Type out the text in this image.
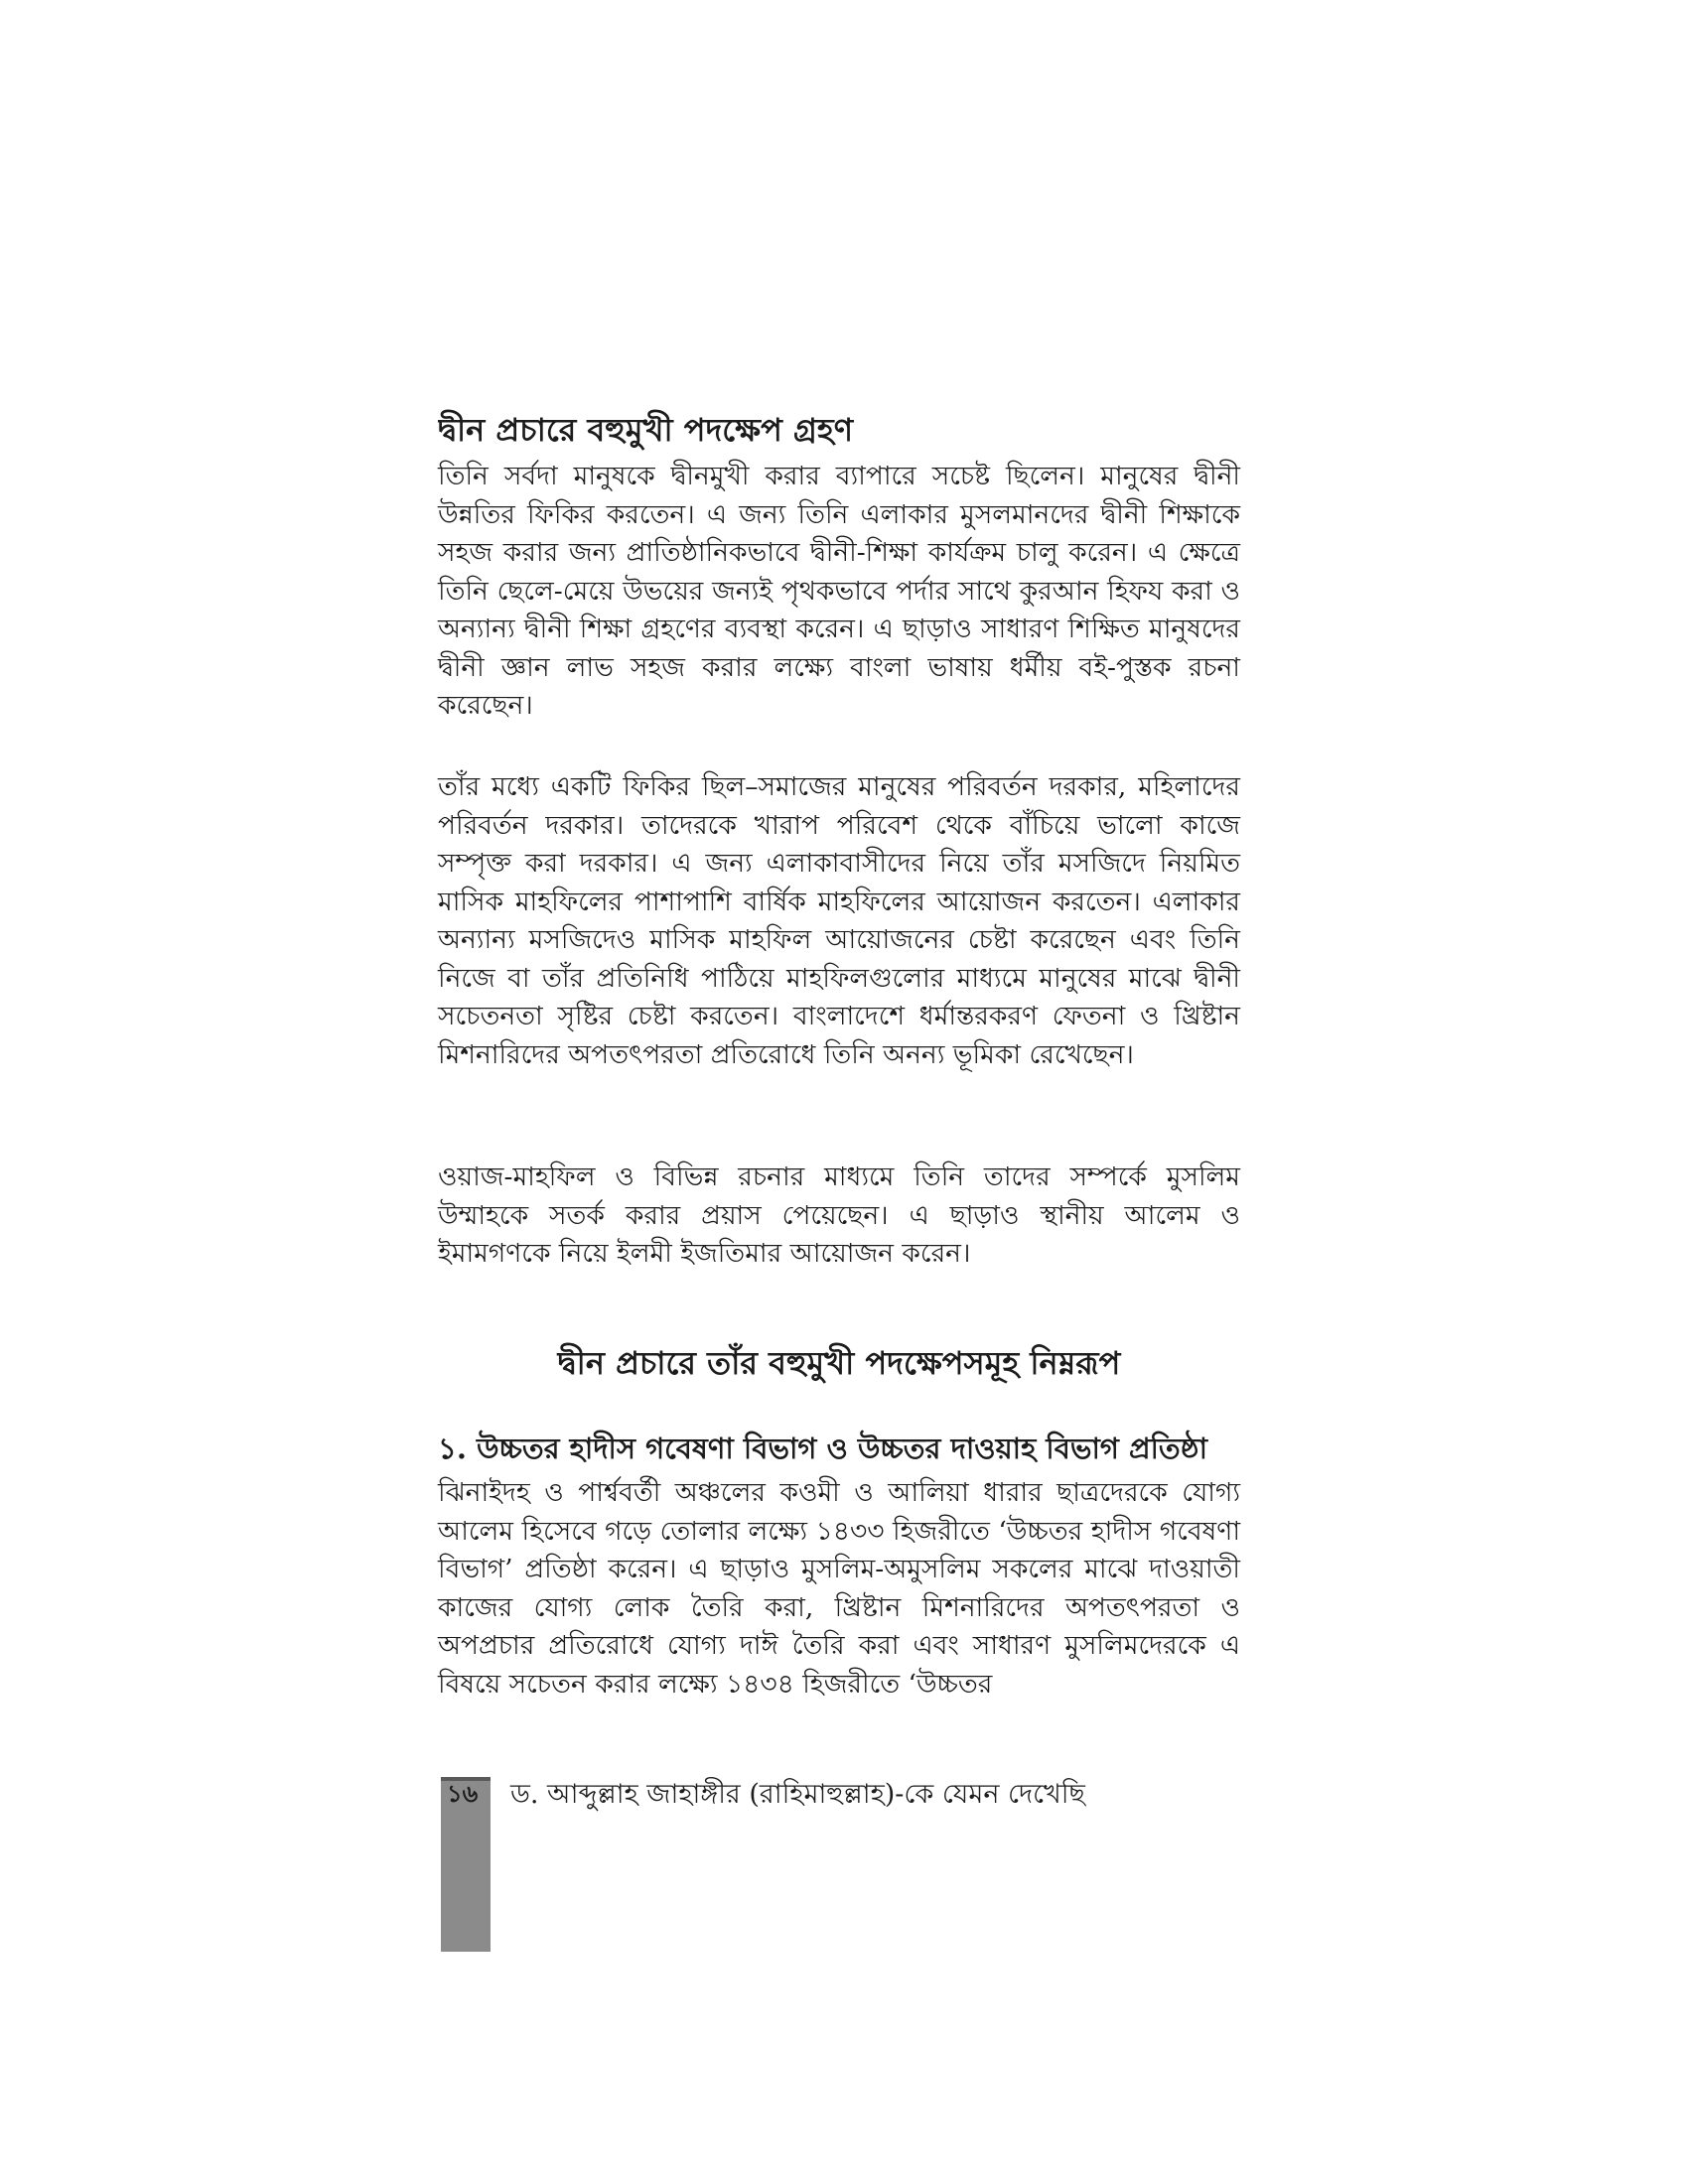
দ্বীন প্রচারে বহুমুখী পদক্ষেপ গ্রহণ

তিনি সর্বদা মানুষকে দ্বীনমুখী করার ব্যাপারে সচেষ্ট ছিলেন। মানুষের দ্বীনী উন্নতির ফিকির করতেন। এ জন্য তিনি এলাকার মুসলমানদের দ্বীনী শিক্ষাকে সহজ করার জন্য প্রাতিষ্ঠানিকভাবে দ্বীনী-শিক্ষা কার্যক্রম চালু করেন। এ ক্ষেত্রে তিনি ছেলে-মেয়ে উভয়ের জন্যই পৃথকভাবে পর্দার সাথে কুরআন হিফয করা ও অন্যান্য দ্বীনী শিক্ষা গ্রহণের ব্যবস্থা করেন। এ ছাড়াও সাধারণ শিক্ষিত মানুষদের দ্বীনী জ্ঞান লাভ সহজ করার লক্ষ্যে বাংলা ভাষায় ধর্মীয় বই-পুস্তক রচনা করেছেন।

তাঁর মধ্যে একটি ফিকির ছিল–সমাজের মানুষের পরিবর্তন দরকার, মহিলাদের পরিবর্তন দরকার। তাদেরকে খারাপ পরিবেশ থেকে বাঁচিয়ে ভালো কাজে সম্পৃক্ত করা দরকার। এ জন্য এলাকাবাসীদের নিয়ে তাঁর মসজিদে নিয়মিত মাসিক মাহফিলের পাশাপাশি বার্ষিক মাহফিলের আয়োজন করতেন। এলাকার অন্যান্য মসজিদেও মাসিক মাহফিল আয়োজনের চেষ্টা করেছেন এবং তিনি নিজে বা তাঁর প্রতিনিধি পাঠিয়ে মাহফিলগুলোর মাধ্যমে মানুষের মাঝে দ্বীনী সচেতনতা সৃষ্টির চেষ্টা করতেন। বাংলাদেশে ধর্মান্তরকরণ ফেতনা ও খ্রিষ্টান মিশনারিদের অপতৎপরতা প্রতিরোধে তিনি অনন্য ভূমিকা রেখেছেন।

ওয়াজ-মাহফিল ও বিভিন্ন রচনার মাধ্যমে তিনি তাদের সম্পর্কে মুসলিম উম্মাহকে সতর্ক করার প্রয়াস পেয়েছেন। এ ছাড়াও স্থানীয় আলেম ও ইমামগণকে নিয়ে ইলমী ইজতিমার আয়োজন করেন।

দ্বীন প্রচারে তাঁর বহুমুখী পদক্ষেপসমূহ নিম্নরূপ
১. উচ্চতর হাদীস গবেষণা বিভাগ ও উচ্চতর দাওয়াহ বিভাগ প্রতিষ্ঠা

ঝিনাইদহ ও পার্শ্ববর্তী অঞ্চলের কওমী ও আলিয়া ধারার ছাত্রদেরকে যোগ্য আলেম হিসেবে গড়ে তোলার লক্ষ্যে ১৪৩৩ হিজরীতে ‘উচ্চতর হাদীস গবেষণা বিভাগ’ প্রতিষ্ঠা করেন। এ ছাড়াও মুসলিম-অমুসলিম সকলের মাঝে দাওয়াতী কাজের যোগ্য লোক তৈরি করা, খ্রিষ্টান মিশনারিদের অপতৎপরতা ও অপপ্রচার প্রতিরোধে যোগ্য দাঈ তৈরি করা এবং সাধারণ মুসলিমদেরকে এ বিষয়ে সচেতন করার লক্ষ্যে ১৪৩৪ হিজরীতে ‘উচ্চতর

১৬ ড. আব্দুল্লাহ জাহাঙ্গীর (রাহিমাহুল্লাহ)-কে যেমন দেখেছি
